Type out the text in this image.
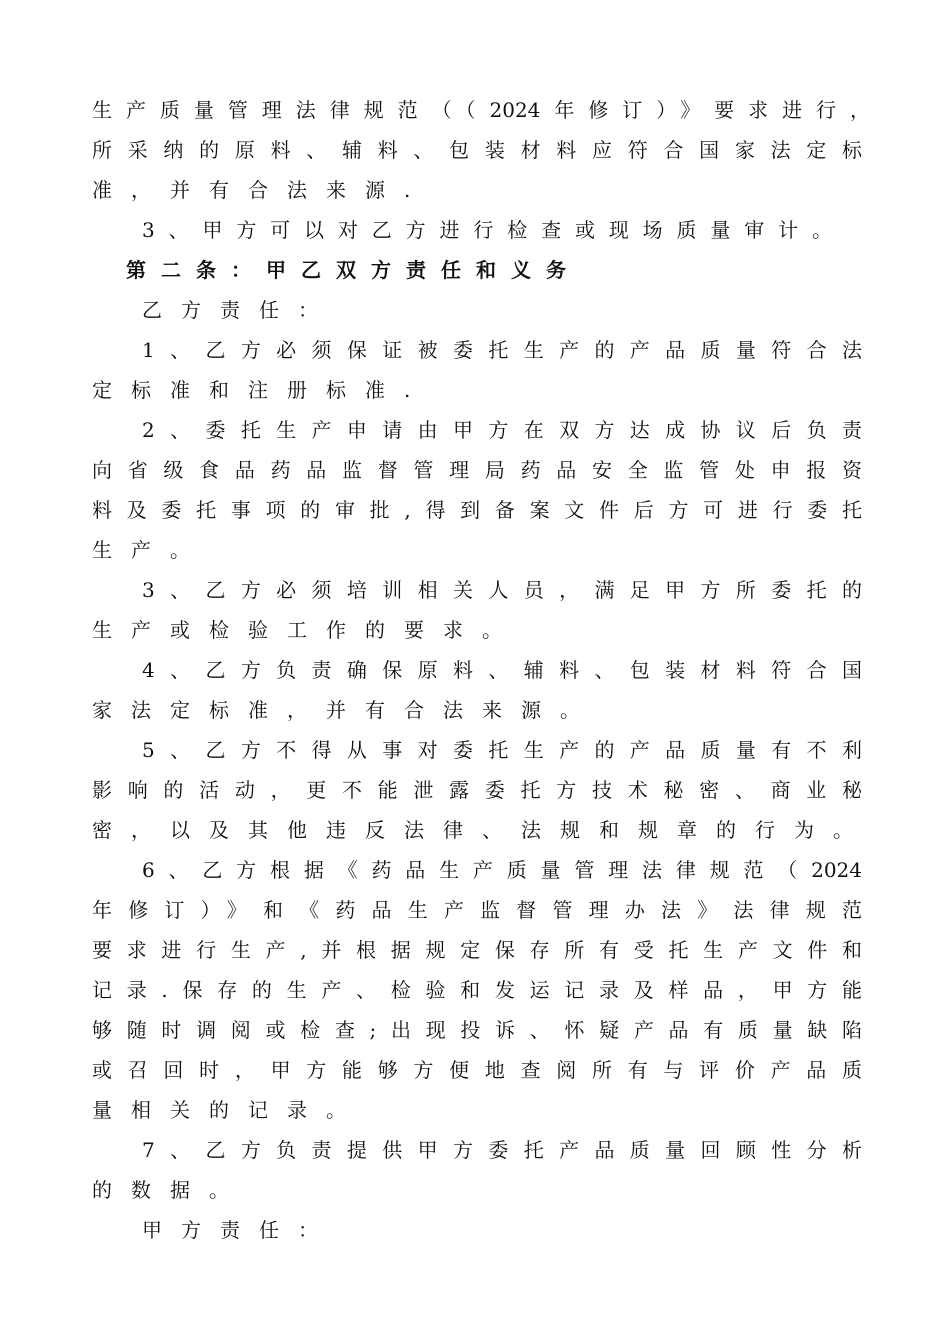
生产质量管理法律规范（（2024年修订）》要求进行，
所采纳的原料、辅料、包装材料应符合国家法定标
准，并有合法来源.
3、甲方可以对乙方进行检查或现场质量审计。
第二条：甲乙双方责任和义务
乙方责任：
1、乙方必须保证被委托生产的产品质量符合法
定标准和注册标准.
2、委托生产申请由甲方在双方达成协议后负责
向省级食品药品监督管理局药品安全监管处申报资
料及委托事项的审批,得到备案文件后方可进行委托
生产。
3、乙方必须培训相关人员，满足甲方所委托的
生产或检验工作的要求。
4、乙方负责确保原料、辅料、包装材料符合国
家法定标准，并有合法来源。
5、乙方不得从事对委托生产的产品质量有不利
影响的活动，更不能泄露委托方技术秘密、商业秘
密，以及其他违反法律、法规和规章的行为。
6、乙方根据《药品生产质量管理法律规范（2024
年修订）》和《药品生产监督管理办法》法律规范
要求进行生产,并根据规定保存所有受托生产文件和
记录.保存的生产、检验和发运记录及样品，甲方能
够随时调阅或检查;出现投诉、怀疑产品有质量缺陷
或召回时，甲方能够方便地查阅所有与评价产品质
量相关的记录。
7、乙方负责提供甲方委托产品质量回顾性分析
的数据。
甲方责任：
